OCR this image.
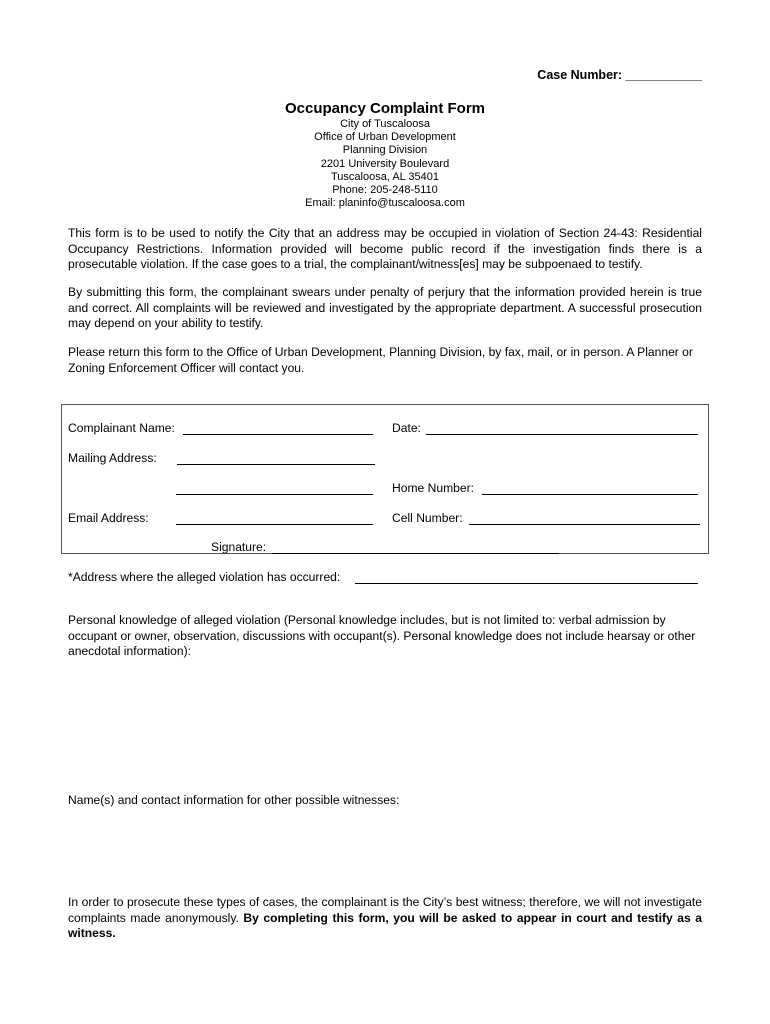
Case Number: ___________
Occupancy Complaint Form
City of Tuscaloosa
Office of Urban Development
Planning Division
2201 University Boulevard
Tuscaloosa, AL 35401
Phone: 205-248-5110
Email: planinfo@tuscaloosa.com

This form is to be used to notify the City that an address may be occupied in violation of Section 24-43: Residential Occupancy Restrictions. Information provided will become public record if the investigation finds there is a prosecutable violation. If the case goes to a trial, the complainant/witness[es] may be subpoenaed to testify.

By submitting this form, the complainant swears under penalty of perjury that the information provided herein is true and correct. All complaints will be reviewed and investigated by the appropriate department. A successful prosecution may depend on your ability to testify.

Please return this form to the Office of Urban Development, Planning Division, by fax, mail, or in person. A Planner or Zoning Enforcement Officer will contact you.

Complainant Name:	Date:
Mailing Address:
Home Number:
Email Address:	Cell Number:
Signature:
*Address where the alleged violation has occurred:

Personal knowledge of alleged violation (Personal knowledge includes, but is not limited to: verbal admission by occupant or owner, observation, discussions with occupant(s). Personal knowledge does not include hearsay or other anecdotal information):

Name(s) and contact information for other possible witnesses:

In order to prosecute these types of cases, the complainant is the City’s best witness; therefore, we will not investigate complaints made anonymously. By completing this form, you will be asked to appear in court and testify as a witness.
